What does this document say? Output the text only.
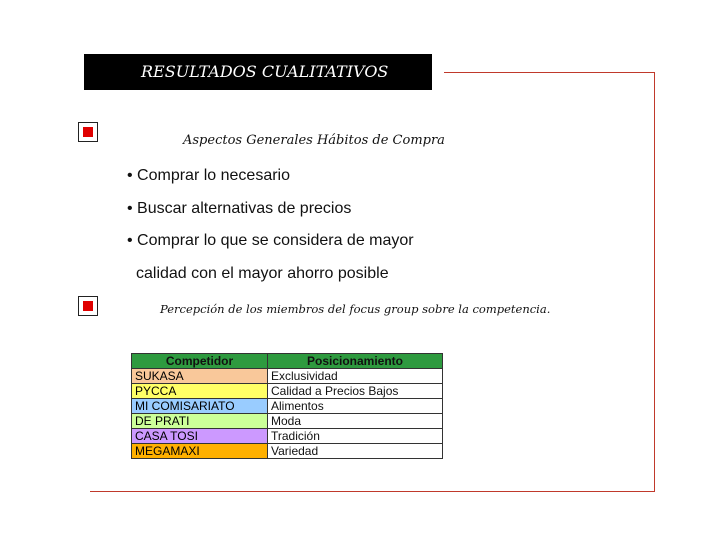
RESULTADOS CUALITATIVOS
Aspectos Generales Hábitos de Compra
• Comprar lo necesario
• Buscar alternativas de precios
• Comprar lo que se considera de mayor
calidad con el mayor ahorro posible
Percepción de los miembros del focus group sobre la competencia.
Competidor	Posicionamiento
SUKASA	Exclusividad
PYCCA	Calidad a Precios Bajos
MI COMISARIATO	Alimentos
DE PRATI	Moda
CASA TOSI	Tradición
MEGAMAXI	Variedad
